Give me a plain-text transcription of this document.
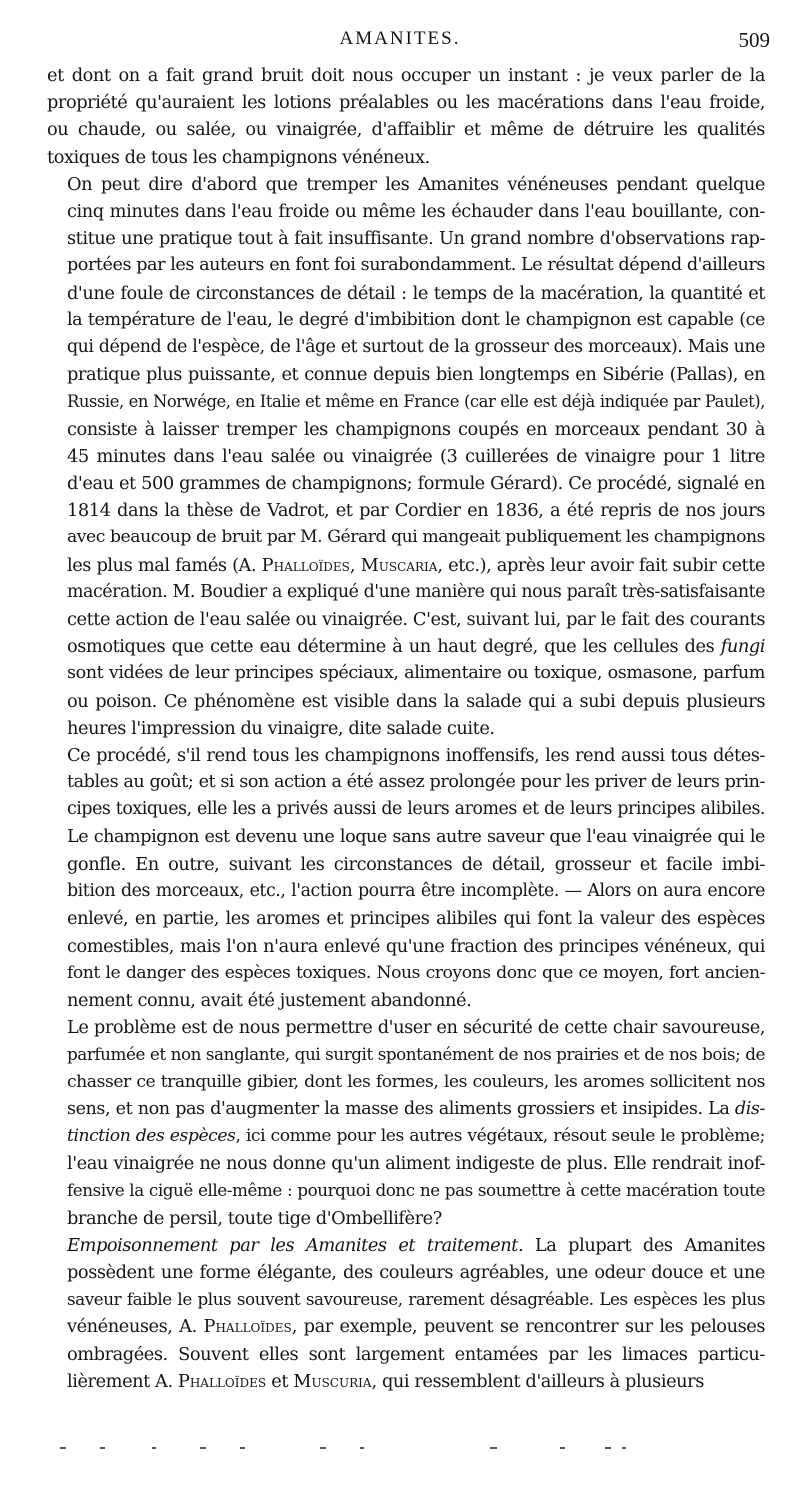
AMANITES.	509

et dont on a fait grand bruit doit nous occuper un instant : je veux parler de la
propriété qu'auraient les lotions préalables ou les macérations dans l'eau froide,
ou chaude, ou salée, ou vinaigrée, d'affaiblir et même de détruire les qualités
toxiques de tous les champignons vénéneux.

On peut dire d'abord que tremper les Amanites vénéneuses pendant quelque
cinq minutes dans l'eau froide ou même les échauder dans l'eau bouillante, con-
stitue une pratique tout à fait insuffisante. Un grand nombre d'observations rap-
portées par les auteurs en font foi surabondamment. Le résultat dépend d'ailleurs
d'une foule de circonstances de détail : le temps de la macération, la quantité et
la température de l'eau, le degré d'imbibition dont le champignon est capable (ce
qui dépend de l'espèce, de l'âge et surtout de la grosseur des morceaux). Mais une
pratique plus puissante, et connue depuis bien longtemps en Sibérie (Pallas), en
Russie, en Norwége, en Italie et même en France (car elle est déjà indiquée par Paulet),
consiste à laisser tremper les champignons coupés en morceaux pendant 30 à
45 minutes dans l'eau salée ou vinaigrée (3 cuillerées de vinaigre pour 1 litre
d'eau et 500 grammes de champignons; formule Gérard). Ce procédé, signalé en
1814 dans la thèse de Vadrot, et par Cordier en 1836, a été repris de nos jours
avec beaucoup de bruit par M. Gérard qui mangeait publiquement les champignons
les plus mal famés (A. Phalloïdes, Muscaria, etc.), après leur avoir fait subir cette
macération. M. Boudier a expliqué d'une manière qui nous paraît très-satisfaisante
cette action de l'eau salée ou vinaigrée. C'est, suivant lui, par le fait des courants
osmotiques que cette eau détermine à un haut degré, que les cellules des fungi
sont vidées de leur principes spéciaux, alimentaire ou toxique, osmasone, parfum
ou poison. Ce phénomène est visible dans la salade qui a subi depuis plusieurs
heures l'impression du vinaigre, dite salade cuite.

Ce procédé, s'il rend tous les champignons inoffensifs, les rend aussi tous détes-
tables au goût; et si son action a été assez prolongée pour les priver de leurs prin-
cipes toxiques, elle les a privés aussi de leurs aromes et de leurs principes alibiles.
Le champignon est devenu une loque sans autre saveur que l'eau vinaigrée qui le
gonfle. En outre, suivant les circonstances de détail, grosseur et facile imbi-
bition des morceaux, etc., l'action pourra être incomplète. — Alors on aura encore
enlevé, en partie, les aromes et principes alibiles qui font la valeur des espèces
comestibles, mais l'on n'aura enlevé qu'une fraction des principes vénéneux, qui
font le danger des espèces toxiques. Nous croyons donc que ce moyen, fort ancien-
nement connu, avait été justement abandonné.

Le problème est de nous permettre d'user en sécurité de cette chair savoureuse,
parfumée et non sanglante, qui surgit spontanément de nos prairies et de nos bois; de
chasser ce tranquille gibier, dont les formes, les couleurs, les aromes sollicitent nos
sens, et non pas d'augmenter la masse des aliments grossiers et insipides. La dis-
tinction des espèces, ici comme pour les autres végétaux, résout seule le problème;
l'eau vinaigrée ne nous donne qu'un aliment indigeste de plus. Elle rendrait inof-
fensive la ciguë elle-même : pourquoi donc ne pas soumettre à cette macération toute
branche de persil, toute tige d'Ombellifère?

Empoisonnement par les Amanites et traitement. La plupart des Amanites
possèdent une forme élégante, des couleurs agréables, une odeur douce et une
saveur faible le plus souvent savoureuse, rarement désagréable. Les espèces les plus
vénéneuses, A. Phalloïdes, par exemple, peuvent se rencontrer sur les pelouses
ombragées. Souvent elles sont largement entamées par les limaces particu-
lièrement A. Phalloïdes et Muscuria, qui ressemblent d'ailleurs à plusieurs
